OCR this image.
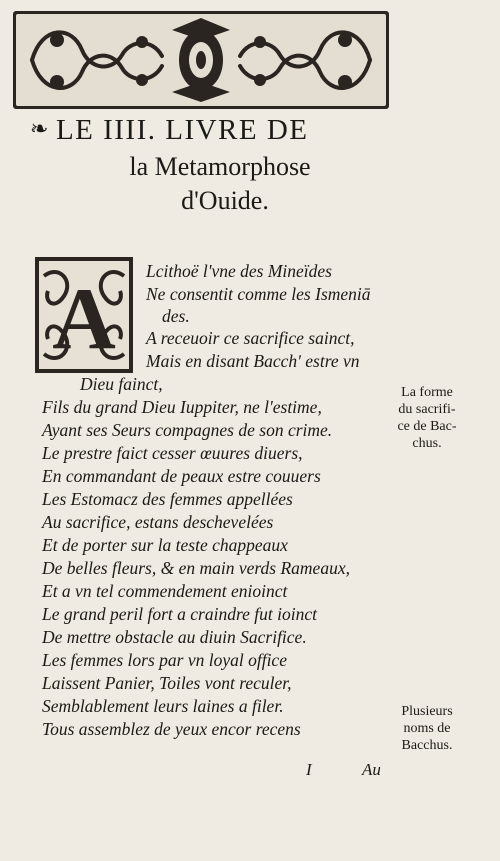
❧ LE IIII. LIVRE DE
la Metamorphose
d'Ouide.
A Lcithoë l'vne des Mineïdes
Ne consentit comme les Ismeniā
des.
A receuoir ce sacrifice sainct,
Mais en disant Bacchʹ estre vn
Dieu fainct,
Fils du grand Dieu Iuppiter, ne l'estime,
Ayant ses Seurs compagnes de son crime.
Le prestre faict cesser œuures diuers,
En commandant de peaux estre couuers
Les Estomacz des femmes appellées
Au sacrifice, estans deschevelées
Et de porter sur la teste chappeaux
De belles fleurs, & en main verds Rameaux,
Et a vn tel commendement enioinct
Le grand peril fort a craindre fut ioinct
De mettre obstacle au diuin Sacrifice.
Les femmes lors par vn loyal office
Laissent Panier, Toiles vont reculer,
Semblablement leurs laines a filer.
Tous assemblez de yeux encor recens
La forme
du sacrifi-
ce de Bac-
chus.
Plusieurs
noms de
Bacchus.
I	Au
